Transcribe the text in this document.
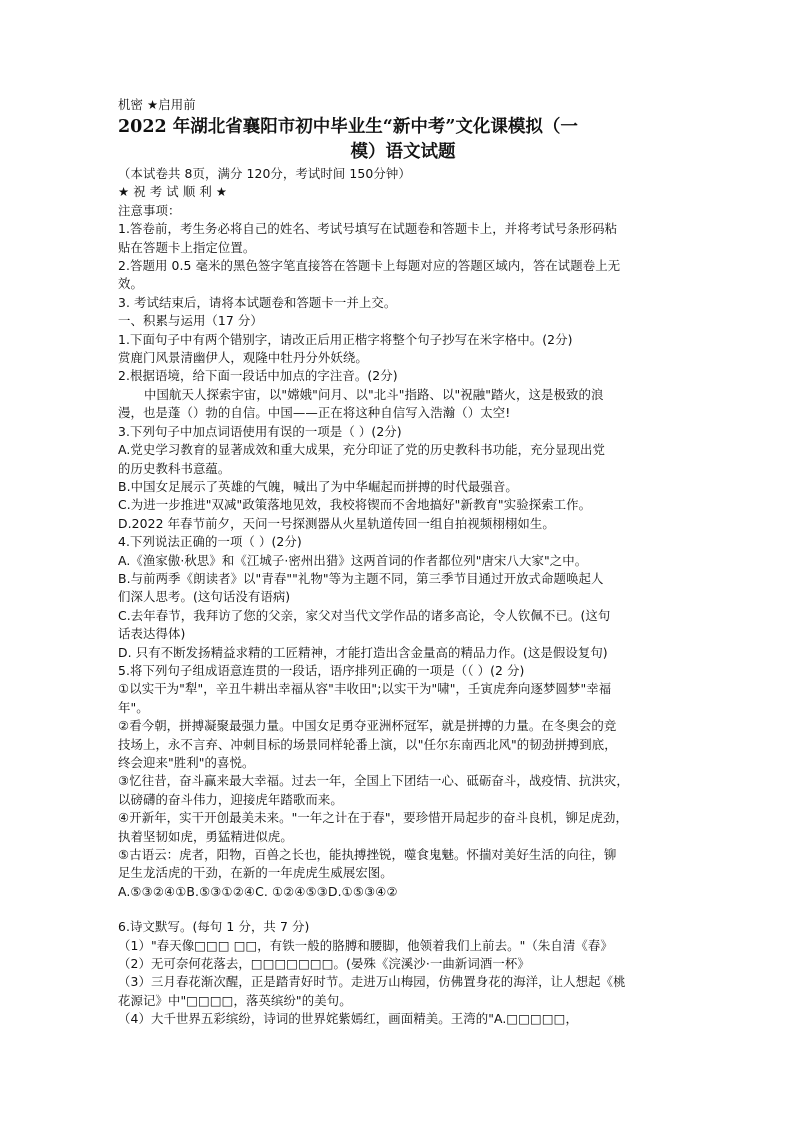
机密 ★启用前
2022 年湖北省襄阳市初中毕业生“新中考”文化课模拟（一
模）语文试题
（本试卷共 8页，满分 120分，考试时间 150分钟）
★ 祝 考 试 顺 利 ★
注意事项：
1.答卷前，考生务必将自己的姓名、考试号填写在试题卷和答题卡上，并将考试号条形码粘
贴在答题卡上指定位置。
2.答题用 0.5 毫米的黑色签字笔直接答在答题卡上每题对应的答题区域内，答在试题卷上无
效。
3. 考试结束后，请将本试题卷和答题卡一并上交。
一、积累与运用（17 分）
1.下面句子中有两个错别字，请改正后用正楷字将整个句子抄写在米字格中。(2分)
赏鹿门风景清幽伊人，观隆中牡丹分外妖绕。
2.根据语境，给下面一段话中加点的字注音。(2分)
中国航天人探索宇宙，以"嫦娥"问月、以"北斗"指路、以"祝融"踏火，这是极致的浪
漫，也是蓬（）勃的自信。中国——正在将这种自信写入浩瀚（）太空!
3.下列句子中加点词语使用有误的一项是（ ）(2分)
A.党史学习教育的显著成效和重大成果，充分印证了党的历史教科书功能，充分显现出党
的历史教科书意蕴。
B.中国女足展示了英雄的气魄，喊出了为中华崛起而拼搏的时代最强音。
C.为进一步推进"双减"政策落地见效，我校将锲而不舍地搞好"新教育"实验探索工作。
D.2022 年春节前夕，天问一号探测器从火星轨道传回一组自拍视频栩栩如生。
4.下列说法正确的一项（ ）(2分)
A.《渔家傲·秋思》和《江城子·密州出猎》这两首词的作者都位列"唐宋八大家"之中。
B.与前两季《朗读者》以"青春""礼物"等为主题不同，第三季节目通过开放式命题唤起人
们深人思考。(这句话没有语病)
C.去年春节，我拜访了您的父亲，家父对当代文学作品的诸多高论，令人钦佩不已。(这句
话表达得体)
D. 只有不断发扬精益求精的工匠精神，才能打造出含金量高的精品力作。(这是假设复句)
5.将下列句子组成语意连贯的一段话，语序排列正确的一项是（（ ）(2 分)
①以实干为"犁"，辛丑牛耕出幸福从容"丰收田";以实干为"啸"，壬寅虎奔向逐梦圆梦"幸福
年"。
②看今朝，拼搏凝聚最强力量。中国女足勇夺亚洲杯冠军，就是拼搏的力量。在冬奥会的竞
技场上，永不言弃、冲刺目标的场景同样轮番上演，以"任尔东南西北风"的韧劲拼搏到底，
终会迎来"胜利"的喜悦。
③忆往昔，奋斗赢来最大幸福。过去一年，全国上下团结一心、砥砺奋斗，战疫情、抗洪灾，
以磅礴的奋斗伟力，迎接虎年踏歌而来。
④开新年，实干开创最美未来。"一年之计在于春"，要珍惜开局起步的奋斗良机，铆足虎劲，
执着坚韧如虎，勇猛精进似虎。
⑤古语云：虎者，阳物，百兽之长也，能执搏挫锐，噬食鬼魅。怀揣对美好生活的向往，铆
足生龙活虎的干劲，在新的一年虎虎生威展宏图。
A.⑤③②④①B.⑤③①②④C. ①②④⑤③D.①⑤③④②
6.诗文默写。(每句 1 分，共 7 分)
（1）"春天像□□□ □□，有铁一般的胳膊和腰脚，他领着我们上前去。"（朱自清《春》
（2）无可奈何花落去，□□□□□□□。(晏殊《浣溪沙·一曲新词酒一杯》
（3）三月春花渐次醒，正是踏青好时节。走进万山梅园，仿佛置身花的海洋，让人想起《桃
花源记》中"□□□□，落英缤纷"的美句。
（4）大千世界五彩缤纷，诗词的世界姹紫嫣红，画面精美。王湾的"A.□□□□□，
